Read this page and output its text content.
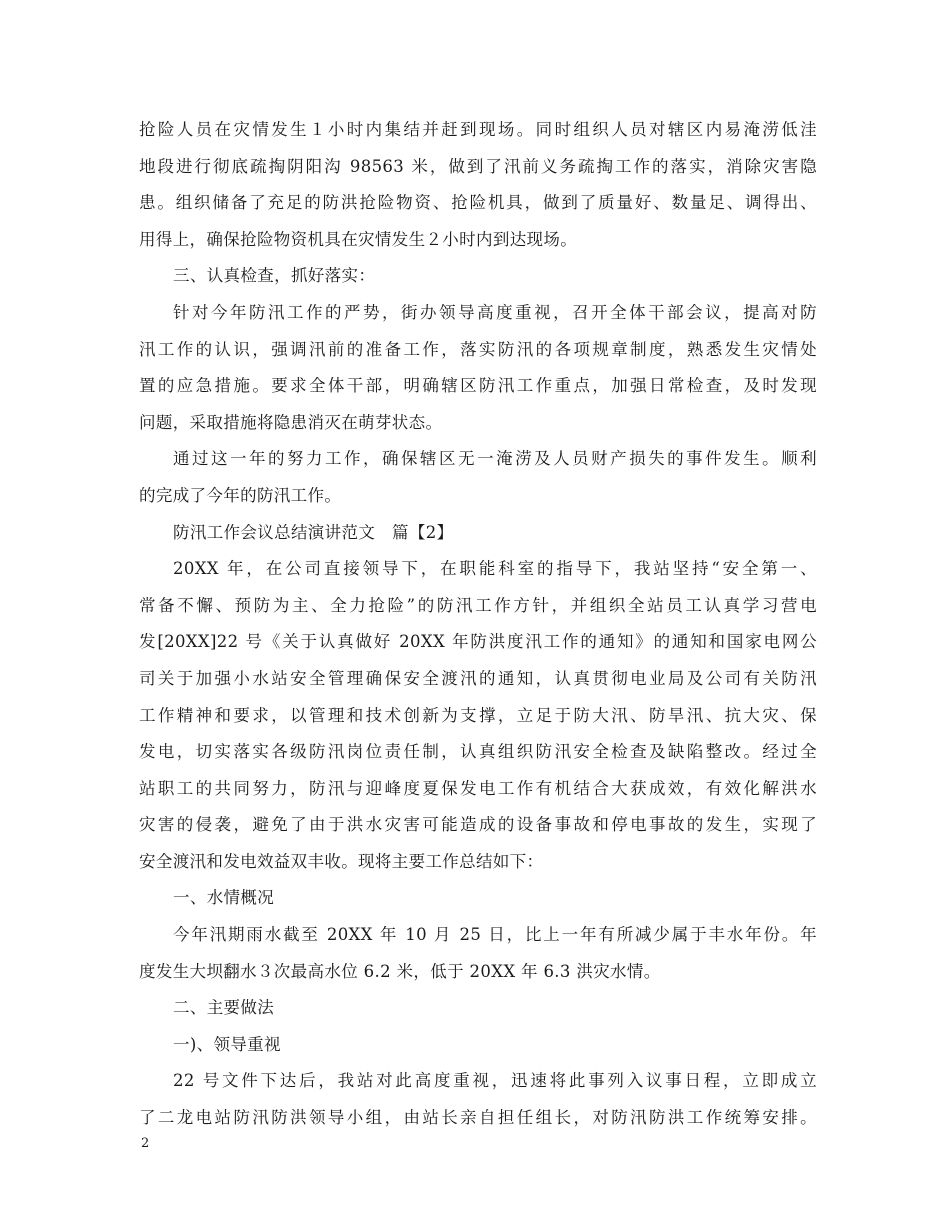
抢险人员在灾情发生１小时内集结并赶到现场。同时组织人员对辖区内易淹涝低洼
地段进行彻底疏掏阴阳沟 98563 米，做到了汛前义务疏掏工作的落实，消除灾害隐
患。组织储备了充足的防洪抢险物资、抢险机具，做到了质量好、数量足、调得出、
用得上，确保抢险物资机具在灾情发生２小时内到达现场。
三、认真检查，抓好落实：
针对今年防汛工作的严势，街办领导高度重视，召开全体干部会议，提高对防
汛工作的认识，强调汛前的准备工作，落实防汛的各项规章制度，熟悉发生灾情处
置的应急措施。要求全体干部，明确辖区防汛工作重点，加强日常检查，及时发现
问题，采取措施将隐患消灭在萌芽状态。
通过这一年的努力工作，确保辖区无一淹涝及人员财产损失的事件发生。顺利
的完成了今年的防汛工作。
防汛工作会议总结演讲范文　篇【2】
20XX 年，在公司直接领导下，在职能科室的指导下，我站坚持“安全第一、
常备不懈、预防为主、全力抢险”的防汛工作方针，并组织全站员工认真学习营电
发[20XX]22 号《关于认真做好 20XX 年防洪度汛工作的通知》的通知和国家电网公
司关于加强小水站安全管理确保安全渡汛的通知，认真贯彻电业局及公司有关防汛
工作精神和要求，以管理和技术创新为支撑，立足于防大汛、防旱汛、抗大灾、保
发电，切实落实各级防汛岗位责任制，认真组织防汛安全检查及缺陷整改。经过全
站职工的共同努力，防汛与迎峰度夏保发电工作有机结合大获成效，有效化解洪水
灾害的侵袭，避免了由于洪水灾害可能造成的设备事故和停电事故的发生，实现了
安全渡汛和发电效益双丰收。现将主要工作总结如下：
一、水情概况
今年汛期雨水截至 20XX 年 10 月 25 日，比上一年有所减少属于丰水年份。年
度发生大坝翻水３次最高水位 6.2 米，低于 20XX 年 6.3 洪灾水情。
二、主要做法
一)、领导重视
22 号文件下达后，我站对此高度重视，迅速将此事列入议事日程，立即成立
了二龙电站防汛防洪领导小组，由站长亲自担任组长，对防汛防洪工作统筹安排。
2
